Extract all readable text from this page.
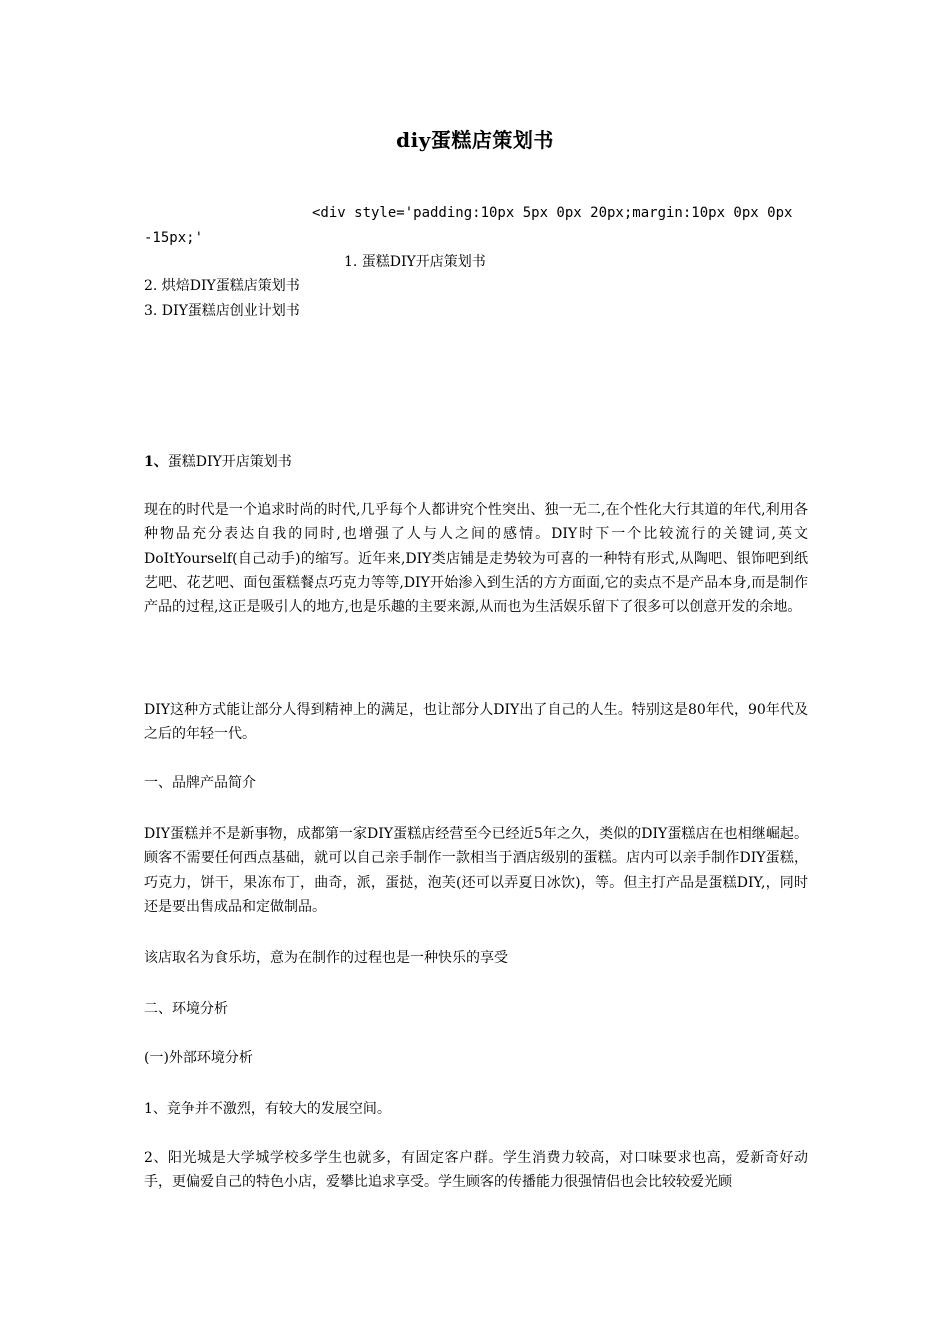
diy蛋糕店策划书
<div style='padding:10px 5px 0px 20px;margin:10px 0px 0px -15px;'
1. 蛋糕DIY开店策划书
2. 烘焙DIY蛋糕店策划书
3. DIY蛋糕店创业计划书
1、蛋糕DIY开店策划书
现在的时代是一个追求时尚的时代,几乎每个人都讲究个性突出、独一无二,在个性化大行其道的年代,利用各种物品充分表达自我的同时,也增强了人与人之间的感情。DIY时下一个比较流行的关键词,英文DoItYourself(自己动手)的缩写。近年来,DIY类店铺是走势较为可喜的一种特有形式,从陶吧、银饰吧到纸艺吧、花艺吧、面包蛋糕餐点巧克力等等,DIY开始渗入到生活的方方面面,它的卖点不是产品本身,而是制作产品的过程,这正是吸引人的地方,也是乐趣的主要来源,从而也为生活娱乐留下了很多可以创意开发的余地。
DIY这种方式能让部分人得到精神上的满足，也让部分人DIY出了自己的人生。特别这是80年代，90年代及之后的年轻一代。
一、品牌产品简介
DIY蛋糕并不是新事物，成都第一家DIY蛋糕店经营至今已经近5年之久，类似的DIY蛋糕店在也相继崛起。顾客不需要任何西点基础，就可以自己亲手制作一款相当于酒店级别的蛋糕。店内可以亲手制作DIY蛋糕，巧克力，饼干，果冻布丁，曲奇，派，蛋挞，泡芙(还可以弄夏日冰饮)，等。但主打产品是蛋糕DIY,，同时还是要出售成品和定做制品。
该店取名为食乐坊，意为在制作的过程也是一种快乐的享受
二、环境分析
(一)外部环境分析
1、竞争并不激烈，有较大的发展空间。
2、阳光城是大学城学校多学生也就多，有固定客户群。学生消费力较高，对口味要求也高，爱新奇好动手，更偏爱自己的特色小店，爱攀比追求享受。学生顾客的传播能力很强情侣也会比较较爱光顾
